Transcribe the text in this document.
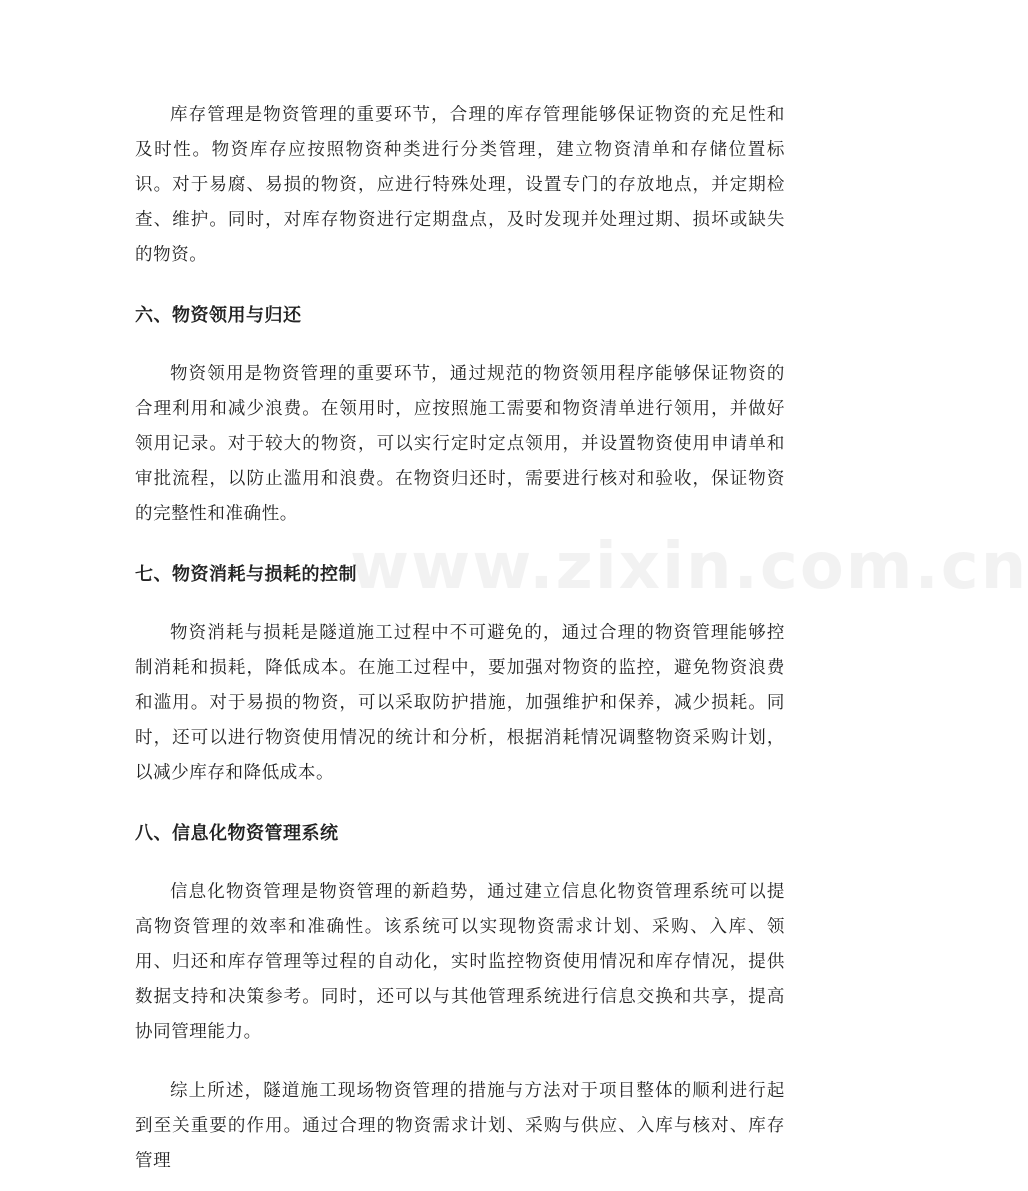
www.zixin.com.cn

库存管理是物资管理的重要环节，合理的库存管理能够保证物资的充足性和及时性。物资库存应按照物资种类进行分类管理，建立物资清单和存储位置标识。对于易腐、易损的物资，应进行特殊处理，设置专门的存放地点，并定期检查、维护。同时，对库存物资进行定期盘点，及时发现并处理过期、损坏或缺失的物资。

六、物资领用与归还

物资领用是物资管理的重要环节，通过规范的物资领用程序能够保证物资的合理利用和减少浪费。在领用时，应按照施工需要和物资清单进行领用，并做好领用记录。对于较大的物资，可以实行定时定点领用，并设置物资使用申请单和审批流程，以防止滥用和浪费。在物资归还时，需要进行核对和验收，保证物资的完整性和准确性。

七、物资消耗与损耗的控制

物资消耗与损耗是隧道施工过程中不可避免的，通过合理的物资管理能够控制消耗和损耗，降低成本。在施工过程中，要加强对物资的监控，避免物资浪费和滥用。对于易损的物资，可以采取防护措施，加强维护和保养，减少损耗。同时，还可以进行物资使用情况的统计和分析，根据消耗情况调整物资采购计划，以减少库存和降低成本。

八、信息化物资管理系统

信息化物资管理是物资管理的新趋势，通过建立信息化物资管理系统可以提高物资管理的效率和准确性。该系统可以实现物资需求计划、采购、入库、领用、归还和库存管理等过程的自动化，实时监控物资使用情况和库存情况，提供数据支持和决策参考。同时，还可以与其他管理系统进行信息交换和共享，提高协同管理能力。

综上所述，隧道施工现场物资管理的措施与方法对于项目整体的顺利进行起到至关重要的作用。通过合理的物资需求计划、采购与供应、入库与核对、库存管理
